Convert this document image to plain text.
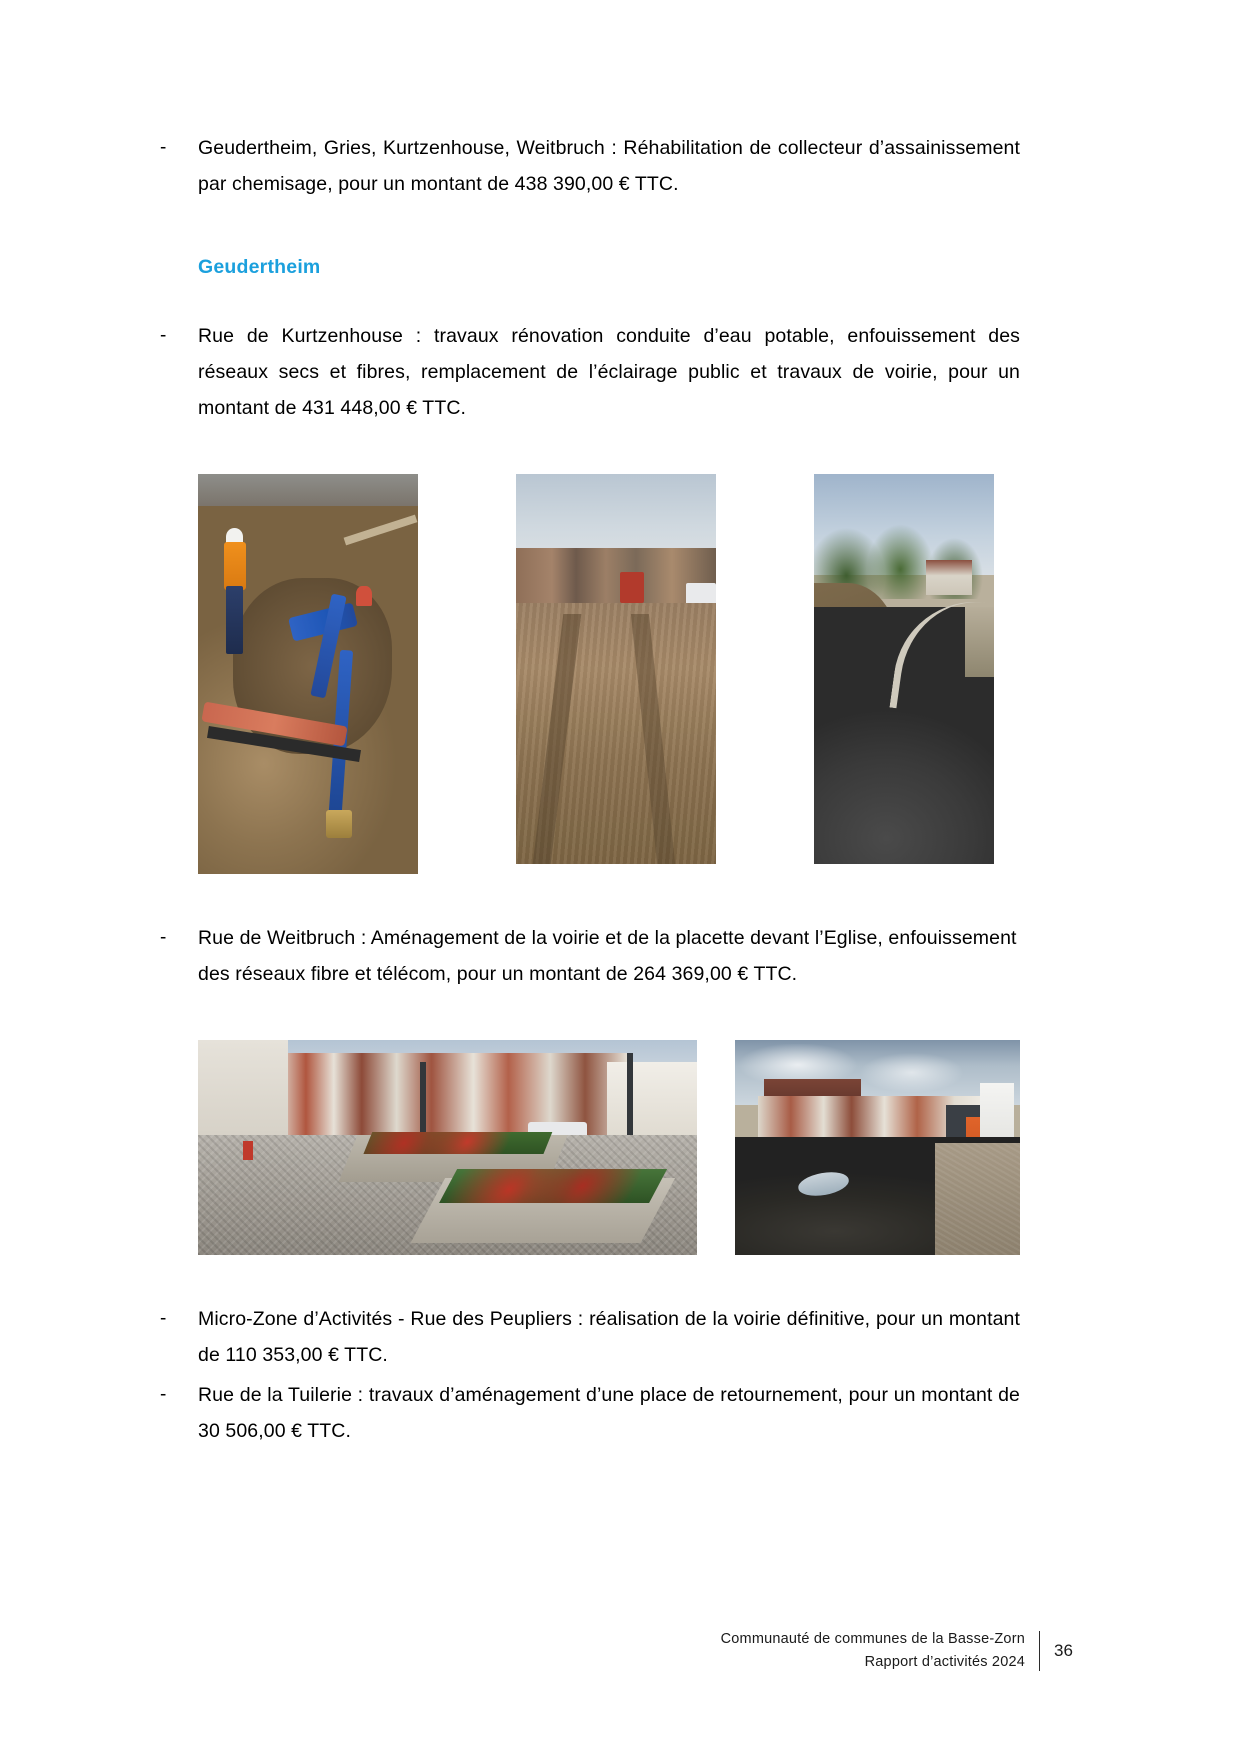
-	Geudertheim, Gries, Kurtzenhouse, Weitbruch : Réhabilitation de collecteur d’assainissement par chemisage, pour un montant de 438 390,00 € TTC.
Geudertheim
-	Rue de Kurtzenhouse : travaux rénovation conduite d’eau potable, enfouissement des réseaux secs et fibres, remplacement de l’éclairage public et travaux de voirie, pour un montant de 431 448,00 € TTC.
-	Rue de Weitbruch : Aménagement de la voirie et de la placette devant l’Eglise, enfouissement des réseaux fibre et télécom, pour un montant de 264 369,00 € TTC.
-	Micro-Zone d’Activités - Rue des Peupliers : réalisation de la voirie définitive, pour un montant de 110 353,00 € TTC.
-	Rue de la Tuilerie : travaux d’aménagement d’une place de retournement, pour un montant de 30 506,00 € TTC.
Communauté de communes de la Basse-Zorn
Rapport d’activités 2024
36
